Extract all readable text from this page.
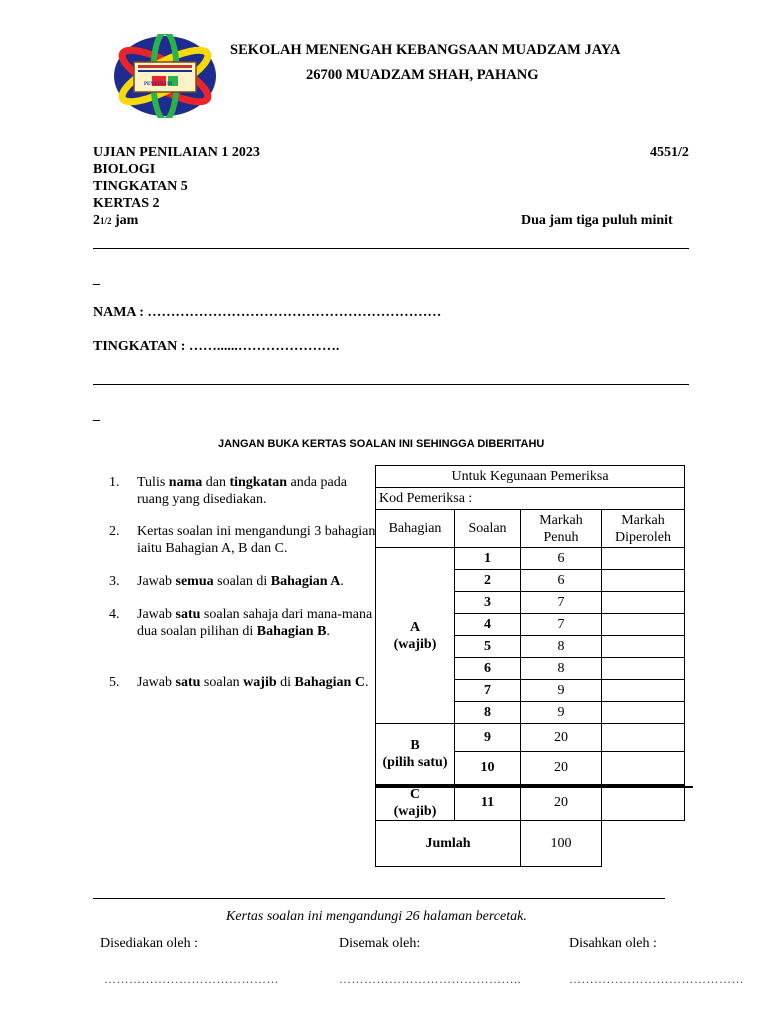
PENYULUH
SEKOLAH MENENGAH KEBANGSAAN MUADZAM JAYA
26700 MUADZAM SHAH, PAHANG
UJIAN PENILAIAN 1 2023	4551/2
BIOLOGI
TINGKATAN 5
KERTAS 2
21/2 jam	Dua jam tiga puluh minit
_
NAMA : ………………………………………………………
TINGKATAN : ……......………………….
_
JANGAN BUKA KERTAS SOALAN INI SEHINGGA DIBERITAHU
1. Tulis nama dan tingkatan anda pada ruang yang disediakan.
2. Kertas soalan ini mengandungi 3 bahagian iaitu Bahagian A, B dan C.
3. Jawab semua soalan di Bahagian A.
4. Jawab satu soalan sahaja dari mana-mana dua soalan pilihan di Bahagian B.
5. Jawab satu soalan wajib di Bahagian C.
Untuk Kegunaan Pemeriksa			
Kod Pemeriksa :			
Bahagian	Soalan	Markah Penuh	Markah Diperoleh
A
(wajib)	1	6	
	2	6	
	3	7	
	4	7	
	5	8	
	6	8	
	7	9	
	8	9	
B
(pilih satu)	9	20	
	10	20	
C
(wajib)	11	20	
Jumlah		100	
Kertas soalan ini mengandungi 26 halaman bercetak.
Disediakan oleh :	Disemak oleh:	Disahkan oleh :
……………………………………	……………………………………..	……………………………………
